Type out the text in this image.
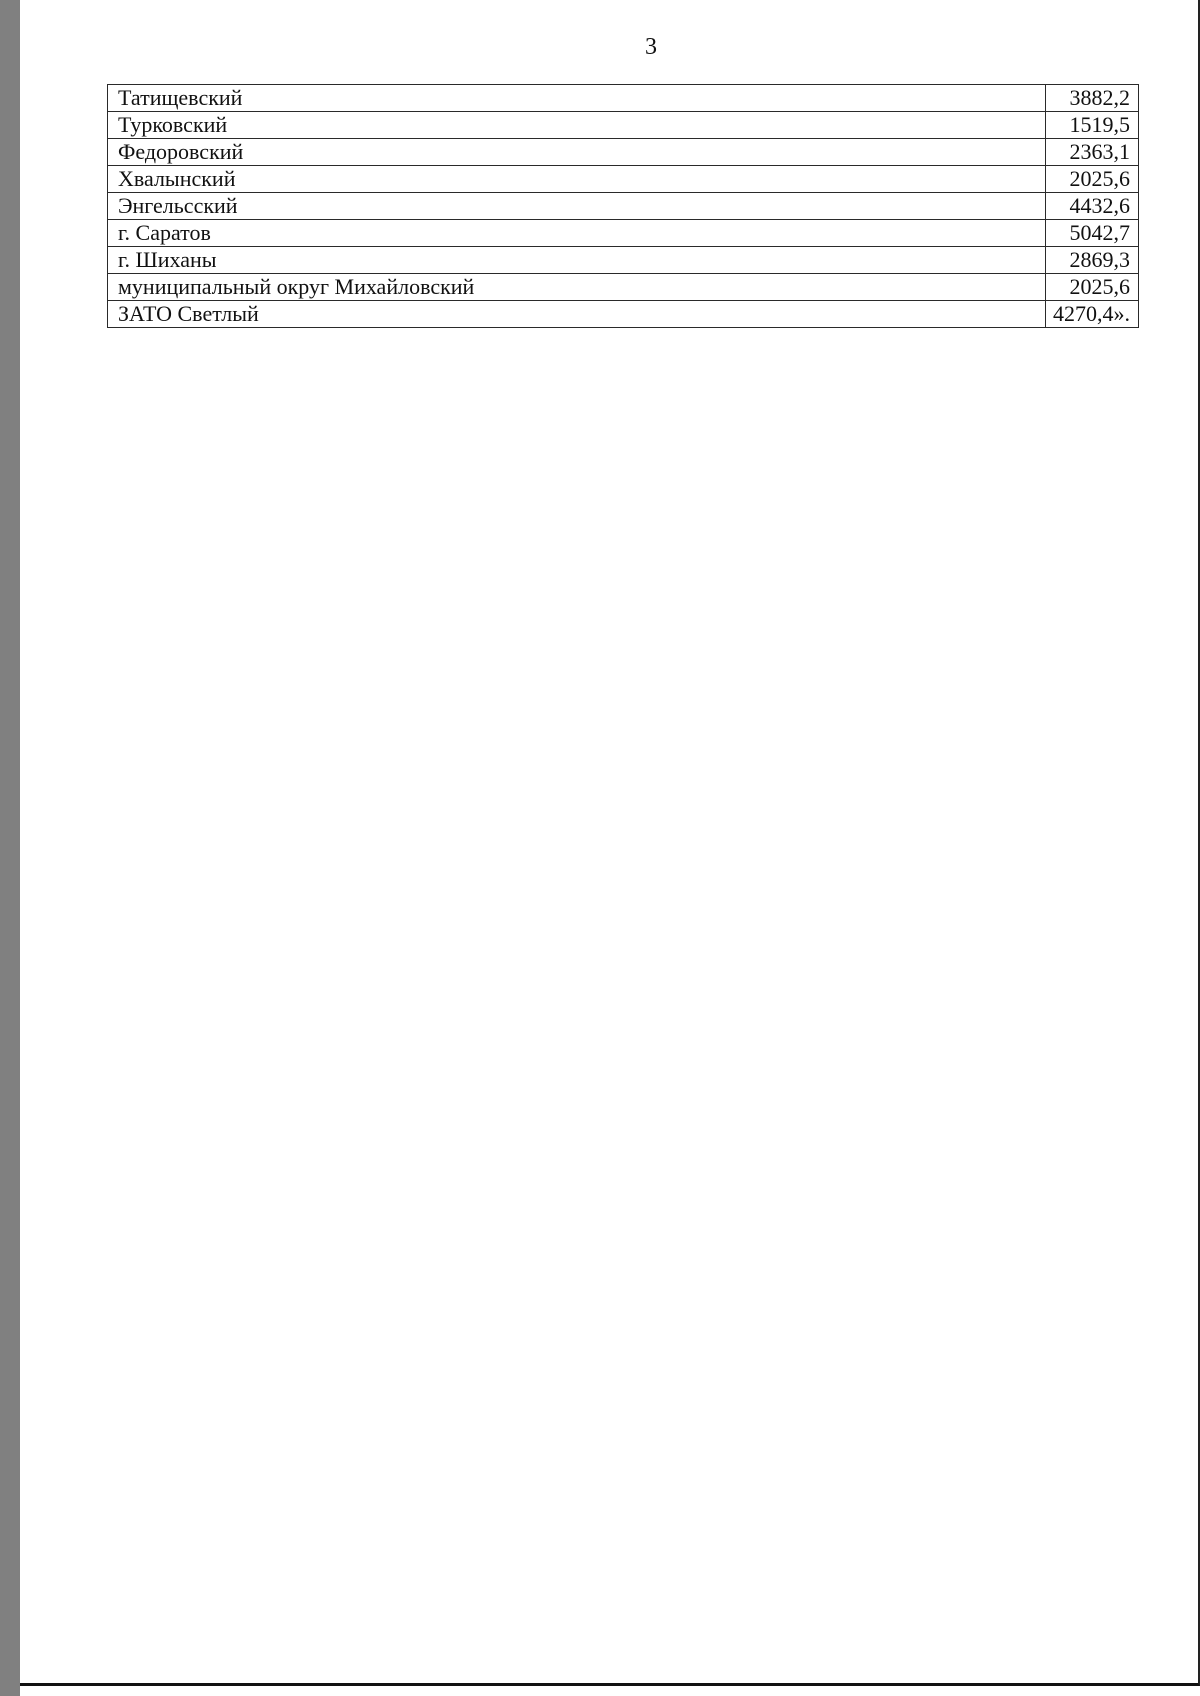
3
Татищевский	3882,2
Турковский	1519,5
Федоровский	2363,1
Хвалынский	2025,6
Энгельсский	4432,6
г. Саратов	5042,7
г. Шиханы	2869,3
муниципальный округ Михайловский	2025,6
ЗАТО Светлый	4270,4».
